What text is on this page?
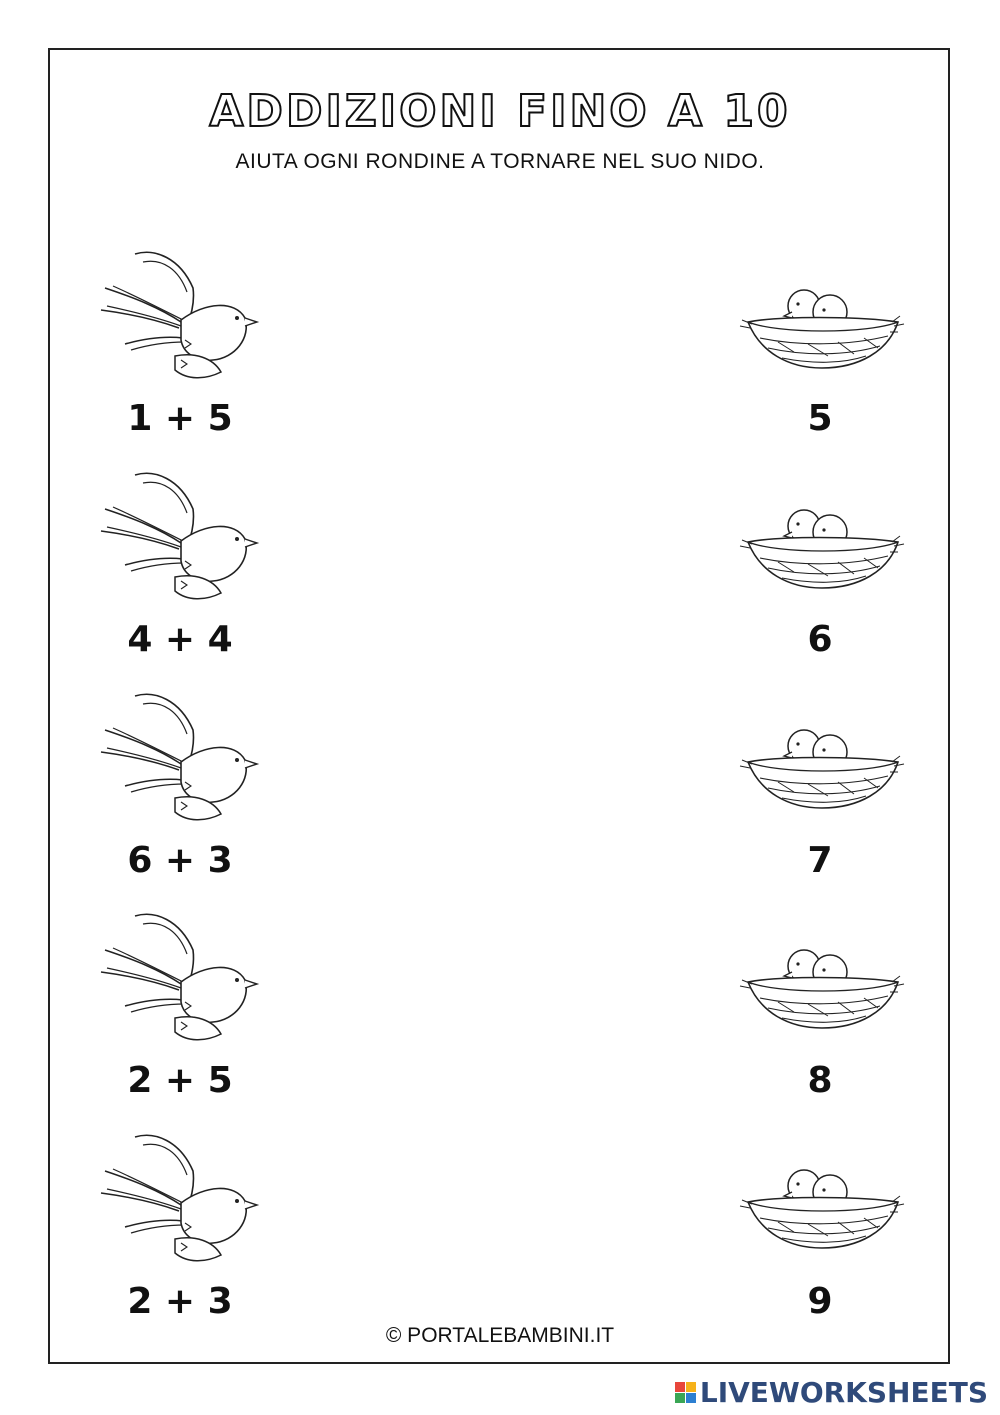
ADDIZIONI FINO A 10
AIUTA OGNI RONDINE A TORNARE NEL SUO NIDO.
1 + 5	5
4 + 4	6
6 + 3	7
2 + 5	8
2 + 3	9
© PORTALEBAMBINI.IT
LIVEWORKSHEETS
